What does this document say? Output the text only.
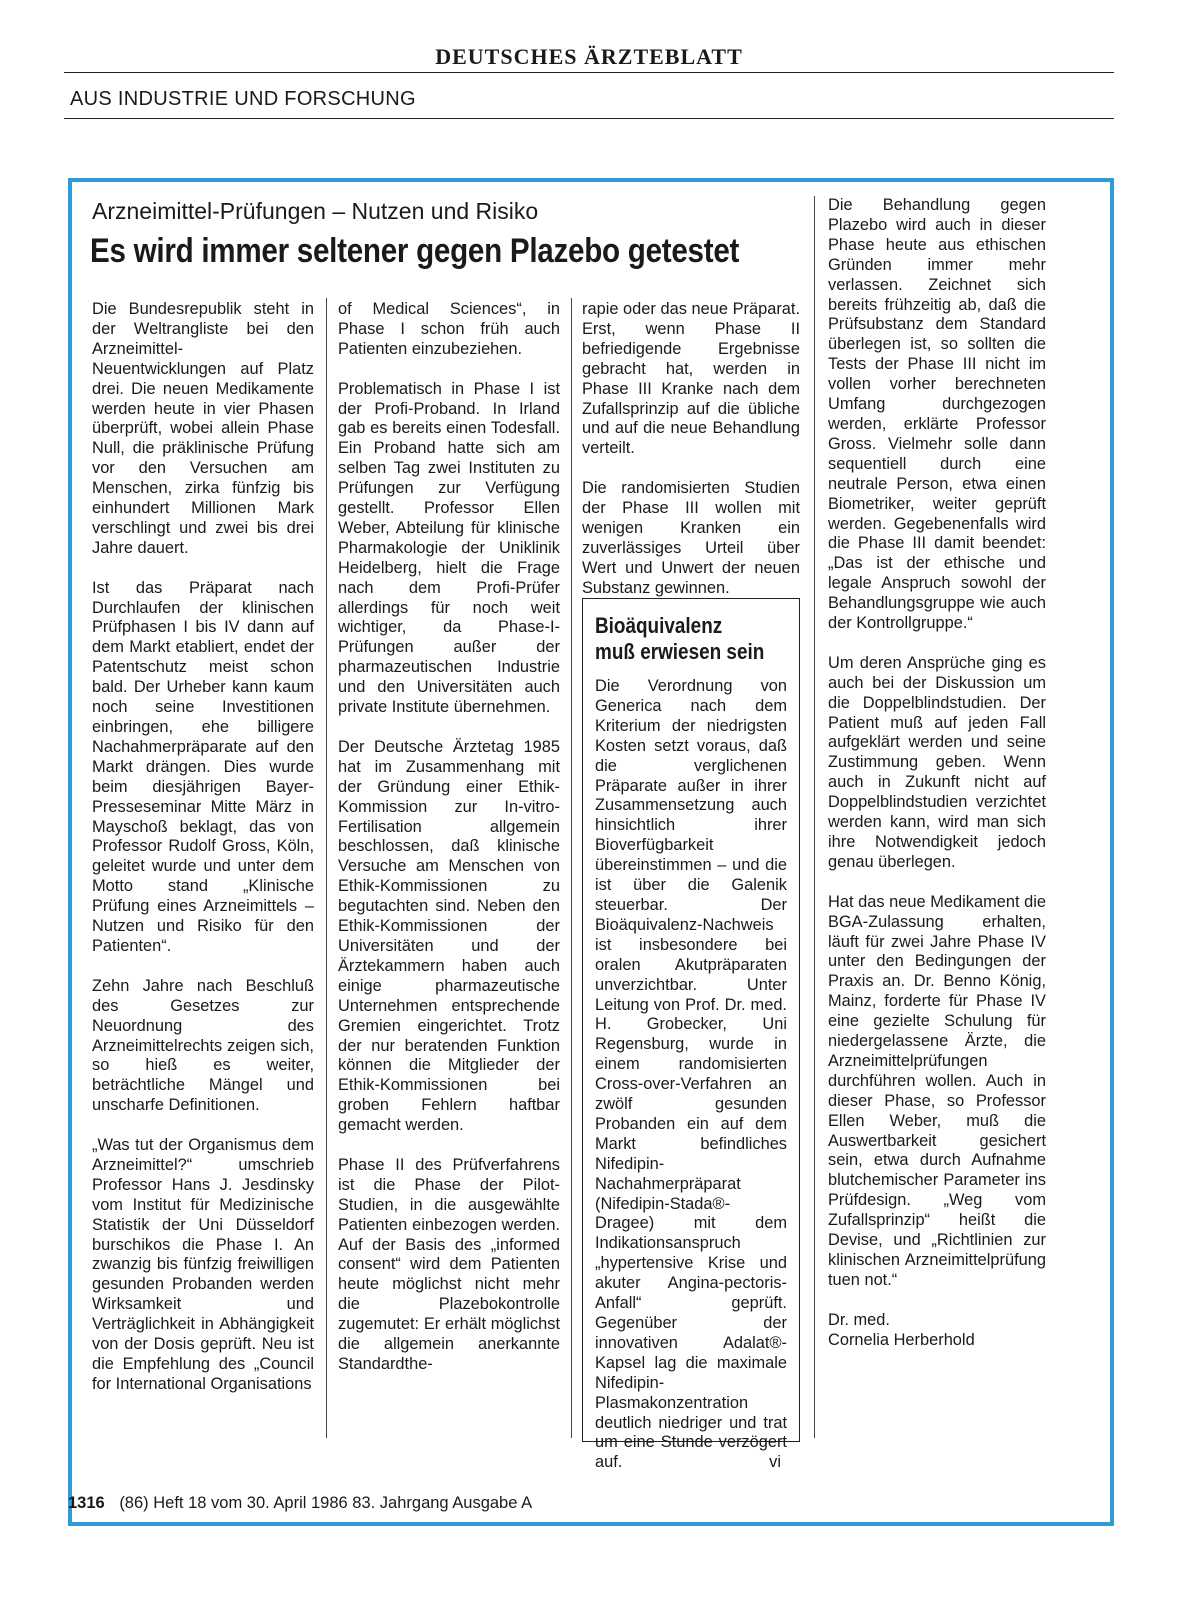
DEUTSCHES ÄRZTEBLATT
AUS INDUSTRIE UND FORSCHUNG
Arzneimittel-Prüfungen – Nutzen und Risiko
Es wird immer seltener gegen Plazebo getestet

Die Bundesrepublik steht in der Weltrangliste bei den Arzneimittel-Neuentwicklungen auf Platz drei. Die neuen Medikamente werden heute in vier Phasen überprüft, wobei allein Phase Null, die präklinische Prüfung vor den Versuchen am Menschen, zirka fünfzig bis einhundert Millionen Mark verschlingt und zwei bis drei Jahre dauert.

Ist das Präparat nach Durchlaufen der klinischen Prüfphasen I bis IV dann auf dem Markt etabliert, endet der Patentschutz meist schon bald. Der Urheber kann kaum noch seine Investitionen einbringen, ehe billigere Nachahmerpräparate auf den Markt drängen. Dies wurde beim diesjährigen Bayer-Presseseminar Mitte März in Mayschoß beklagt, das von Professor Rudolf Gross, Köln, geleitet wurde und unter dem Motto stand „Klinische Prüfung eines Arzneimittels – Nutzen und Risiko für den Patienten“.

Zehn Jahre nach Beschluß des Gesetzes zur Neuordnung des Arzneimittelrechts zeigen sich, so hieß es weiter, beträchtliche Mängel und unscharfe Definitionen.

„Was tut der Organismus dem Arzneimittel?“ umschrieb Professor Hans J. Jesdinsky vom Institut für Medizinische Statistik der Uni Düsseldorf burschikos die Phase I. An zwanzig bis fünfzig freiwilligen gesunden Probanden werden Wirksamkeit und Verträglichkeit in Abhängigkeit von der Dosis geprüft. Neu ist die Empfehlung des „Council for International Organisations

of Medical Sciences“, in Phase I schon früh auch Patienten einzubeziehen.

Problematisch in Phase I ist der Profi-Proband. In Irland gab es bereits einen Todesfall. Ein Proband hatte sich am selben Tag zwei Instituten zu Prüfungen zur Verfügung gestellt. Professor Ellen Weber, Abteilung für klinische Pharmakologie der Uniklinik Heidelberg, hielt die Frage nach dem Profi-Prüfer allerdings für noch weit wichtiger, da Phase-I-Prüfungen außer der pharmazeutischen Industrie und den Universitäten auch private Institute übernehmen.

Der Deutsche Ärztetag 1985 hat im Zusammenhang mit der Gründung einer Ethik-Kommission zur In-vitro-Fertilisation allgemein beschlossen, daß klinische Versuche am Menschen von Ethik-Kommissionen zu begutachten sind. Neben den Ethik-Kommissionen der Universitäten und der Ärztekammern haben auch einige pharmazeutische Unternehmen entsprechende Gremien eingerichtet. Trotz der nur beratenden Funktion können die Mitglieder der Ethik-Kommissionen bei groben Fehlern haftbar gemacht werden.

Phase II des Prüfverfahrens ist die Phase der Pilot-Studien, in die ausgewählte Patienten einbezogen werden. Auf der Basis des „informed consent“ wird dem Patienten heute möglichst nicht mehr die Plazebokontrolle zugemutet: Er erhält möglichst die allgemein anerkannte Standardthe-

rapie oder das neue Präparat. Erst, wenn Phase II befriedigende Ergebnisse gebracht hat, werden in Phase III Kranke nach dem Zufallsprinzip auf die übliche und auf die neue Behandlung verteilt.

Die randomisierten Studien der Phase III wollen mit wenigen Kranken ein zuverlässiges Urteil über Wert und Unwert der neuen Substanz gewinnen.

Bioäquivalenz
muß erwiesen sein
Die Verordnung von Generica nach dem Kriterium der niedrigsten Kosten setzt voraus, daß die verglichenen Präparate außer in ihrer Zusammensetzung auch hinsichtlich ihrer Bioverfügbarkeit übereinstimmen – und die ist über die Galenik steuerbar. Der Bioäquivalenz-Nachweis ist insbesondere bei oralen Akutpräparaten unverzichtbar. Unter Leitung von Prof. Dr. med. H. Grobecker, Uni Regensburg, wurde in einem randomisierten Cross-over-Verfahren an zwölf gesunden Probanden ein auf dem Markt befindliches Nifedipin-Nachahmerpräparat (Nifedipin-Stada®-Dragee) mit dem Indikationsanspruch „hypertensive Krise und akuter Angina-pectoris-Anfall“ geprüft. Gegenüber der innovativen Adalat®-Kapsel lag die maximale Nifedipin-Plasmakonzentration deutlich niedriger und trat um eine Stunde verzögert auf.	vi

Die Behandlung gegen Plazebo wird auch in dieser Phase heute aus ethischen Gründen immer mehr verlassen. Zeichnet sich bereits frühzeitig ab, daß die Prüfsubstanz dem Standard überlegen ist, so sollten die Tests der Phase III nicht im vollen vorher berechneten Umfang durchgezogen werden, erklärte Professor Gross. Vielmehr solle dann sequentiell durch eine neutrale Person, etwa einen Biometriker, weiter geprüft werden. Gegebenenfalls wird die Phase III damit beendet: „Das ist der ethische und legale Anspruch sowohl der Behandlungsgruppe wie auch der Kontrollgruppe.“

Um deren Ansprüche ging es auch bei der Diskussion um die Doppelblindstudien. Der Patient muß auf jeden Fall aufgeklärt werden und seine Zustimmung geben. Wenn auch in Zukunft nicht auf Doppelblindstudien verzichtet werden kann, wird man sich ihre Notwendigkeit jedoch genau überlegen.

Hat das neue Medikament die BGA-Zulassung erhalten, läuft für zwei Jahre Phase IV unter den Bedingungen der Praxis an. Dr. Benno König, Mainz, forderte für Phase IV eine gezielte Schulung für niedergelassene Ärzte, die Arzneimittelprüfungen durchführen wollen. Auch in dieser Phase, so Professor Ellen Weber, muß die Auswertbarkeit gesichert sein, etwa durch Aufnahme blutchemischer Parameter ins Prüfdesign. „Weg vom Zufallsprinzip“ heißt die Devise, und „Richtlinien zur klinischen Arzneimittelprüfung tuen not.“

Dr. med.
Cornelia Herberhold
1316 (86) Heft 18 vom 30. April 1986 83. Jahrgang Ausgabe A
